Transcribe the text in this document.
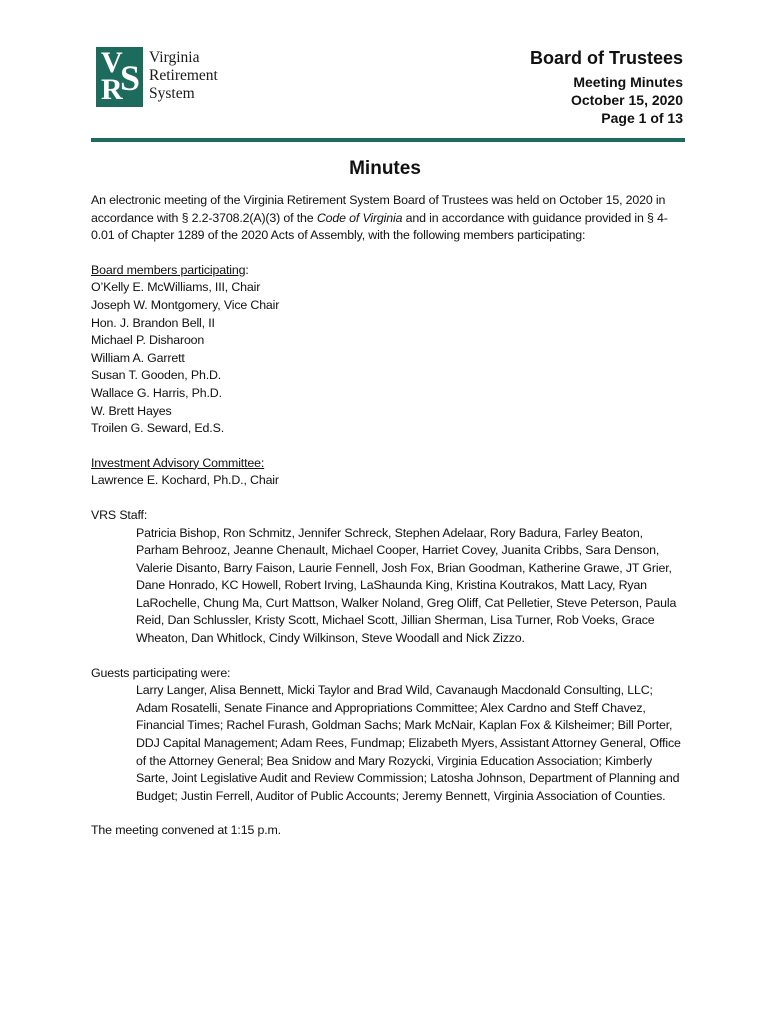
V
R
S
Virginia
Retirement
System
Board of Trustees
Meeting Minutes
October 15, 2020
Page 1 of 13
Minutes

An electronic meeting of the Virginia Retirement System Board of Trustees was held on October 15, 2020 in accordance with § 2.2-3708.2(A)(3) of the Code of Virginia and in accordance with guidance provided in § 4-0.01 of Chapter 1289 of the 2020 Acts of Assembly, with the following members participating:

Board members participating:

O’Kelly E. McWilliams, III, Chair
Joseph W. Montgomery, Vice Chair
Hon. J. Brandon Bell, II
Michael P. Disharoon
William A. Garrett
Susan T. Gooden, Ph.D.
Wallace G. Harris, Ph.D.
W. Brett Hayes
Troilen G. Seward, Ed.S.

Investment Advisory Committee:

Lawrence E. Kochard, Ph.D., Chair

VRS Staff:

Patricia Bishop, Ron Schmitz, Jennifer Schreck, Stephen Adelaar, Rory Badura, Farley Beaton, Parham Behrooz, Jeanne Chenault, Michael Cooper, Harriet Covey, Juanita Cribbs, Sara Denson, Valerie Disanto, Barry Faison, Laurie Fennell, Josh Fox, Brian Goodman, Katherine Grawe, JT Grier, Dane Honrado, KC Howell, Robert Irving, LaShaunda King, Kristina Koutrakos, Matt Lacy, Ryan LaRochelle, Chung Ma, Curt Mattson, Walker Noland, Greg Oliff, Cat Pelletier, Steve Peterson, Paula Reid, Dan Schlussler, Kristy Scott, Michael Scott, Jillian Sherman, Lisa Turner, Rob Voeks, Grace Wheaton, Dan Whitlock, Cindy Wilkinson, Steve Woodall and Nick Zizzo.

Guests participating were:

Larry Langer, Alisa Bennett, Micki Taylor and Brad Wild, Cavanaugh Macdonald Consulting, LLC; Adam Rosatelli, Senate Finance and Appropriations Committee; Alex Cardno and Steff Chavez, Financial Times; Rachel Furash, Goldman Sachs; Mark McNair, Kaplan Fox & Kilsheimer; Bill Porter, DDJ Capital Management; Adam Rees, Fundmap; Elizabeth Myers, Assistant Attorney General, Office of the Attorney General; Bea Snidow and Mary Rozycki, Virginia Education Association; Kimberly Sarte, Joint Legislative Audit and Review Commission; Latosha Johnson, Department of Planning and Budget; Justin Ferrell, Auditor of Public Accounts; Jeremy Bennett, Virginia Association of Counties.

The meeting convened at 1:15 p.m.
